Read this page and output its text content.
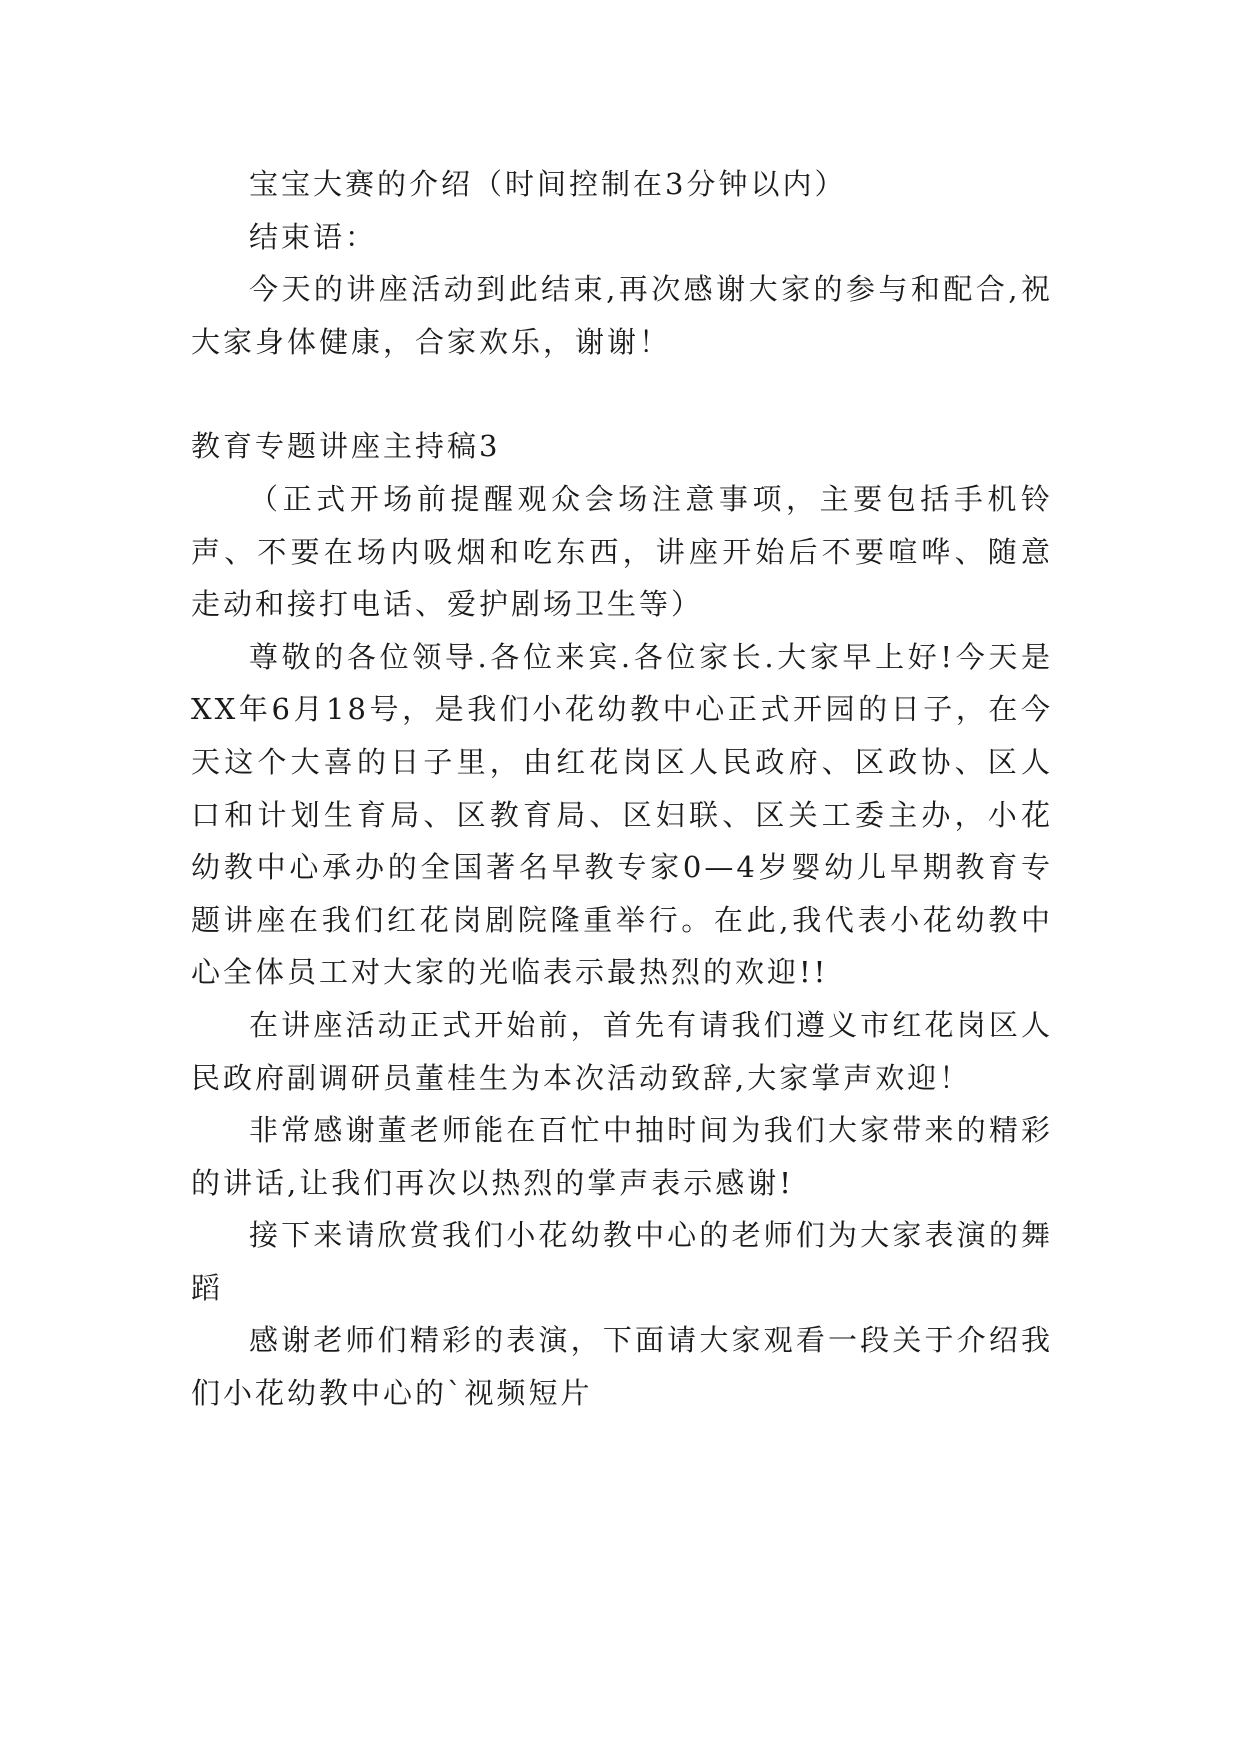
宝宝大赛的介绍（时间控制在3分钟以内）

结束语：

今天的讲座活动到此结束,再次感谢大家的参与和配合,祝大家身体健康，合家欢乐，谢谢！

教育专题讲座主持稿3

（正式开场前提醒观众会场注意事项，主要包括手机铃声、不要在场内吸烟和吃东西，讲座开始后不要喧哗、随意走动和接打电话、爱护剧场卫生等）

尊敬的各位领导.各位来宾.各位家长.大家早上好!今天是XX年6月18号，是我们小花幼教中心正式开园的日子，在今天这个大喜的日子里，由红花岗区人民政府、区政协、区人口和计划生育局、区教育局、区妇联、区关工委主办，小花幼教中心承办的全国著名早教专家0—4岁婴幼儿早期教育专题讲座在我们红花岗剧院隆重举行。在此,我代表小花幼教中心全体员工对大家的光临表示最热烈的欢迎!!

在讲座活动正式开始前，首先有请我们遵义市红花岗区人民政府副调研员董桂生为本次活动致辞,大家掌声欢迎！

非常感谢董老师能在百忙中抽时间为我们大家带来的精彩的讲话,让我们再次以热烈的掌声表示感谢!

接下来请欣赏我们小花幼教中心的老师们为大家表演的舞蹈

感谢老师们精彩的表演，下面请大家观看一段关于介绍我们小花幼教中心的`视频短片
